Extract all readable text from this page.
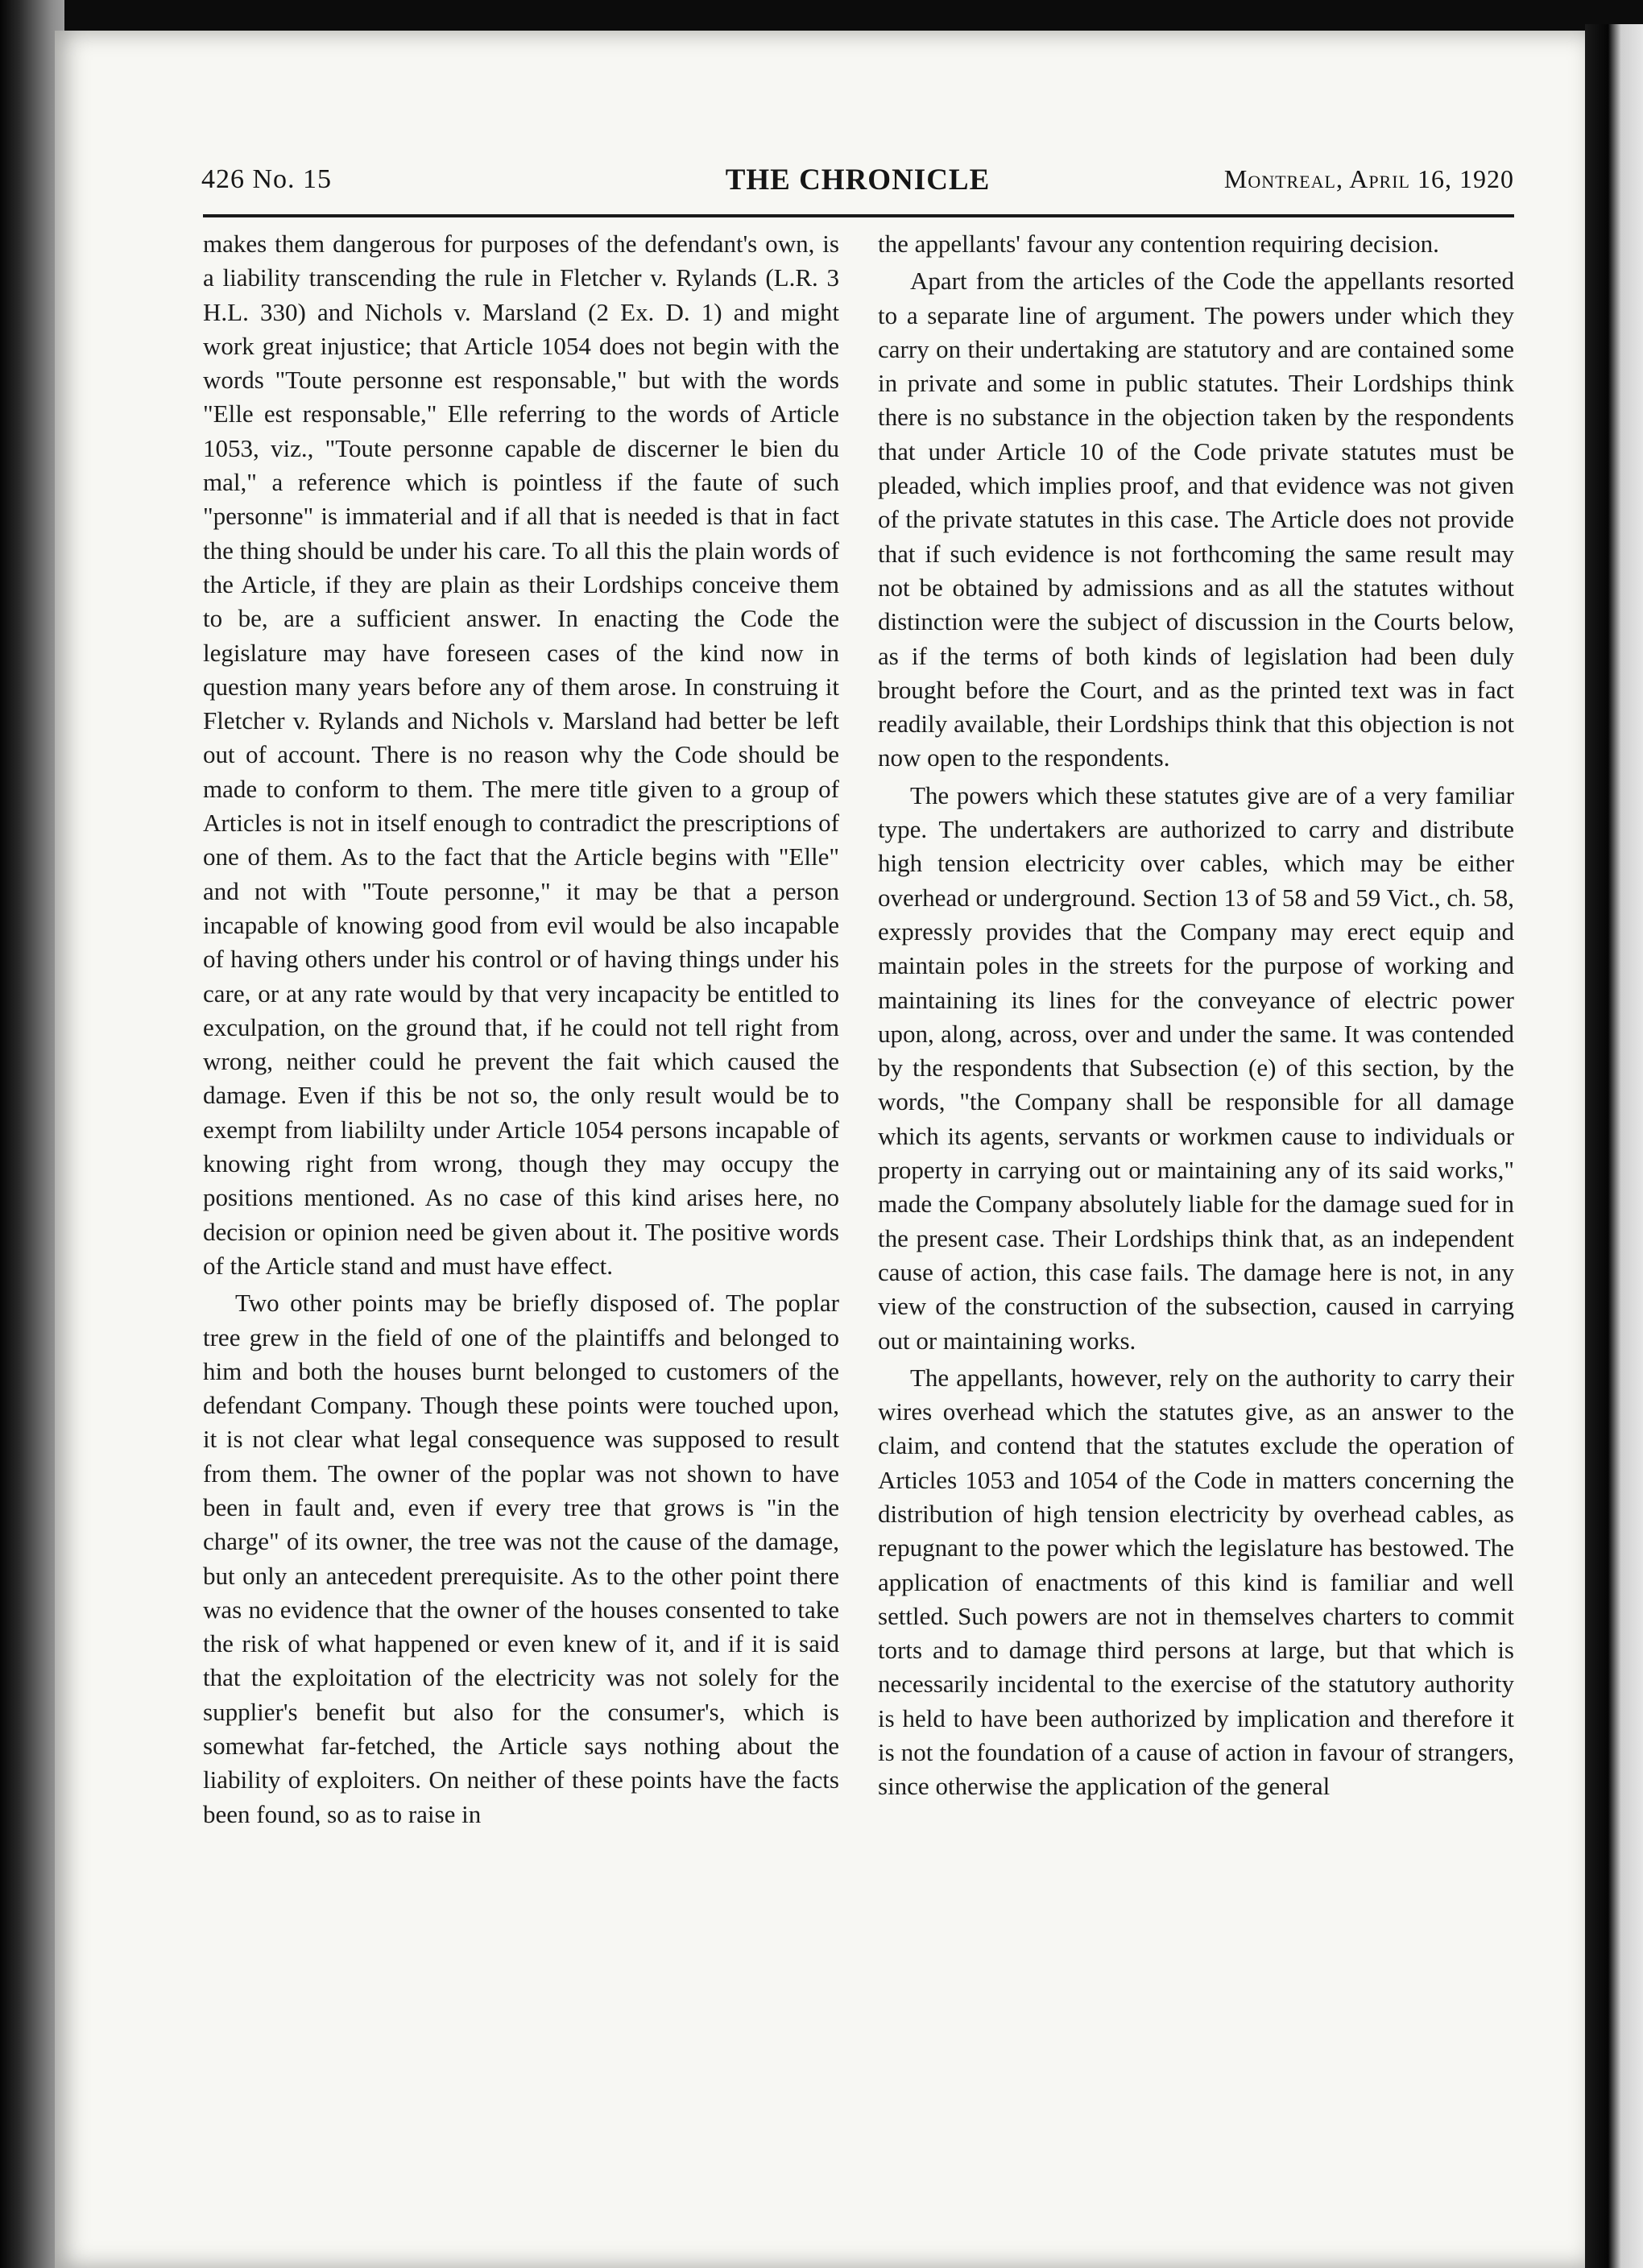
426 No. 15	THE CHRONICLE	Montreal, April 16, 1920

makes them dangerous for purposes of the defendant's own, is a liability transcending the rule in Fletcher v. Rylands (L.R. 3 H.L. 330) and Nichols v. Marsland (2 Ex. D. 1) and might work great injustice; that Article 1054 does not begin with the words "Toute personne est responsable," but with the words "Elle est responsable," Elle referring to the words of Article 1053, viz., "Toute personne capable de discerner le bien du mal," a reference which is pointless if the faute of such "personne" is immaterial and if all that is needed is that in fact the thing should be under his care. To all this the plain words of the Article, if they are plain as their Lordships conceive them to be, are a sufficient answer. In enacting the Code the legislature may have foreseen cases of the kind now in question many years before any of them arose. In construing it Fletcher v. Rylands and Nichols v. Marsland had better be left out of account. There is no reason why the Code should be made to conform to them. The mere title given to a group of Articles is not in itself enough to contradict the prescriptions of one of them. As to the fact that the Article begins with "Elle" and not with "Toute personne," it may be that a person incapable of knowing good from evil would be also incapable of having others under his control or of having things under his care, or at any rate would by that very incapacity be entitled to exculpation, on the ground that, if he could not tell right from wrong, neither could he prevent the fait which caused the damage. Even if this be not so, the only result would be to exempt from liabililty under Article 1054 persons incapable of knowing right from wrong, though they may occupy the positions mentioned. As no case of this kind arises here, no decision or opinion need be given about it. The positive words of the Article stand and must have effect.

Two other points may be briefly disposed of. The poplar tree grew in the field of one of the plaintiffs and belonged to him and both the houses burnt belonged to customers of the defendant Company. Though these points were touched upon, it is not clear what legal consequence was supposed to result from them. The owner of the poplar was not shown to have been in fault and, even if every tree that grows is "in the charge" of its owner, the tree was not the cause of the damage, but only an antecedent prerequisite. As to the other point there was no evidence that the owner of the houses consented to take the risk of what happened or even knew of it, and if it is said that the exploitation of the electricity was not solely for the supplier's benefit but also for the consumer's, which is somewhat far-fetched, the Article says nothing about the liability of exploiters. On neither of these points have the facts been found, so as to raise in

the appellants' favour any contention requiring decision.

Apart from the articles of the Code the appellants resorted to a separate line of argument. The powers under which they carry on their undertaking are statutory and are contained some in private and some in public statutes. Their Lordships think there is no substance in the objection taken by the respondents that under Article 10 of the Code private statutes must be pleaded, which implies proof, and that evidence was not given of the private statutes in this case. The Article does not provide that if such evidence is not forthcoming the same result may not be obtained by admissions and as all the statutes without distinction were the subject of discussion in the Courts below, as if the terms of both kinds of legislation had been duly brought before the Court, and as the printed text was in fact readily available, their Lordships think that this objection is not now open to the respondents.

The powers which these statutes give are of a very familiar type. The undertakers are authorized to carry and distribute high tension electricity over cables, which may be either overhead or underground. Section 13 of 58 and 59 Vict., ch. 58, expressly provides that the Company may erect equip and maintain poles in the streets for the purpose of working and maintaining its lines for the conveyance of electric power upon, along, across, over and under the same. It was contended by the respondents that Subsection (e) of this section, by the words, "the Company shall be responsible for all damage which its agents, servants or workmen cause to individuals or property in carrying out or maintaining any of its said works," made the Company absolutely liable for the damage sued for in the present case. Their Lordships think that, as an independent cause of action, this case fails. The damage here is not, in any view of the construction of the subsection, caused in carrying out or maintaining works.

The appellants, however, rely on the authority to carry their wires overhead which the statutes give, as an answer to the claim, and contend that the statutes exclude the operation of Articles 1053 and 1054 of the Code in matters concerning the distribution of high tension electricity by overhead cables, as repugnant to the power which the legislature has bestowed. The application of enactments of this kind is familiar and well settled. Such powers are not in themselves charters to commit torts and to damage third persons at large, but that which is necessarily incidental to the exercise of the statutory authority is held to have been authorized by implication and therefore it is not the foundation of a cause of action in favour of strangers, since otherwise the application of the general
